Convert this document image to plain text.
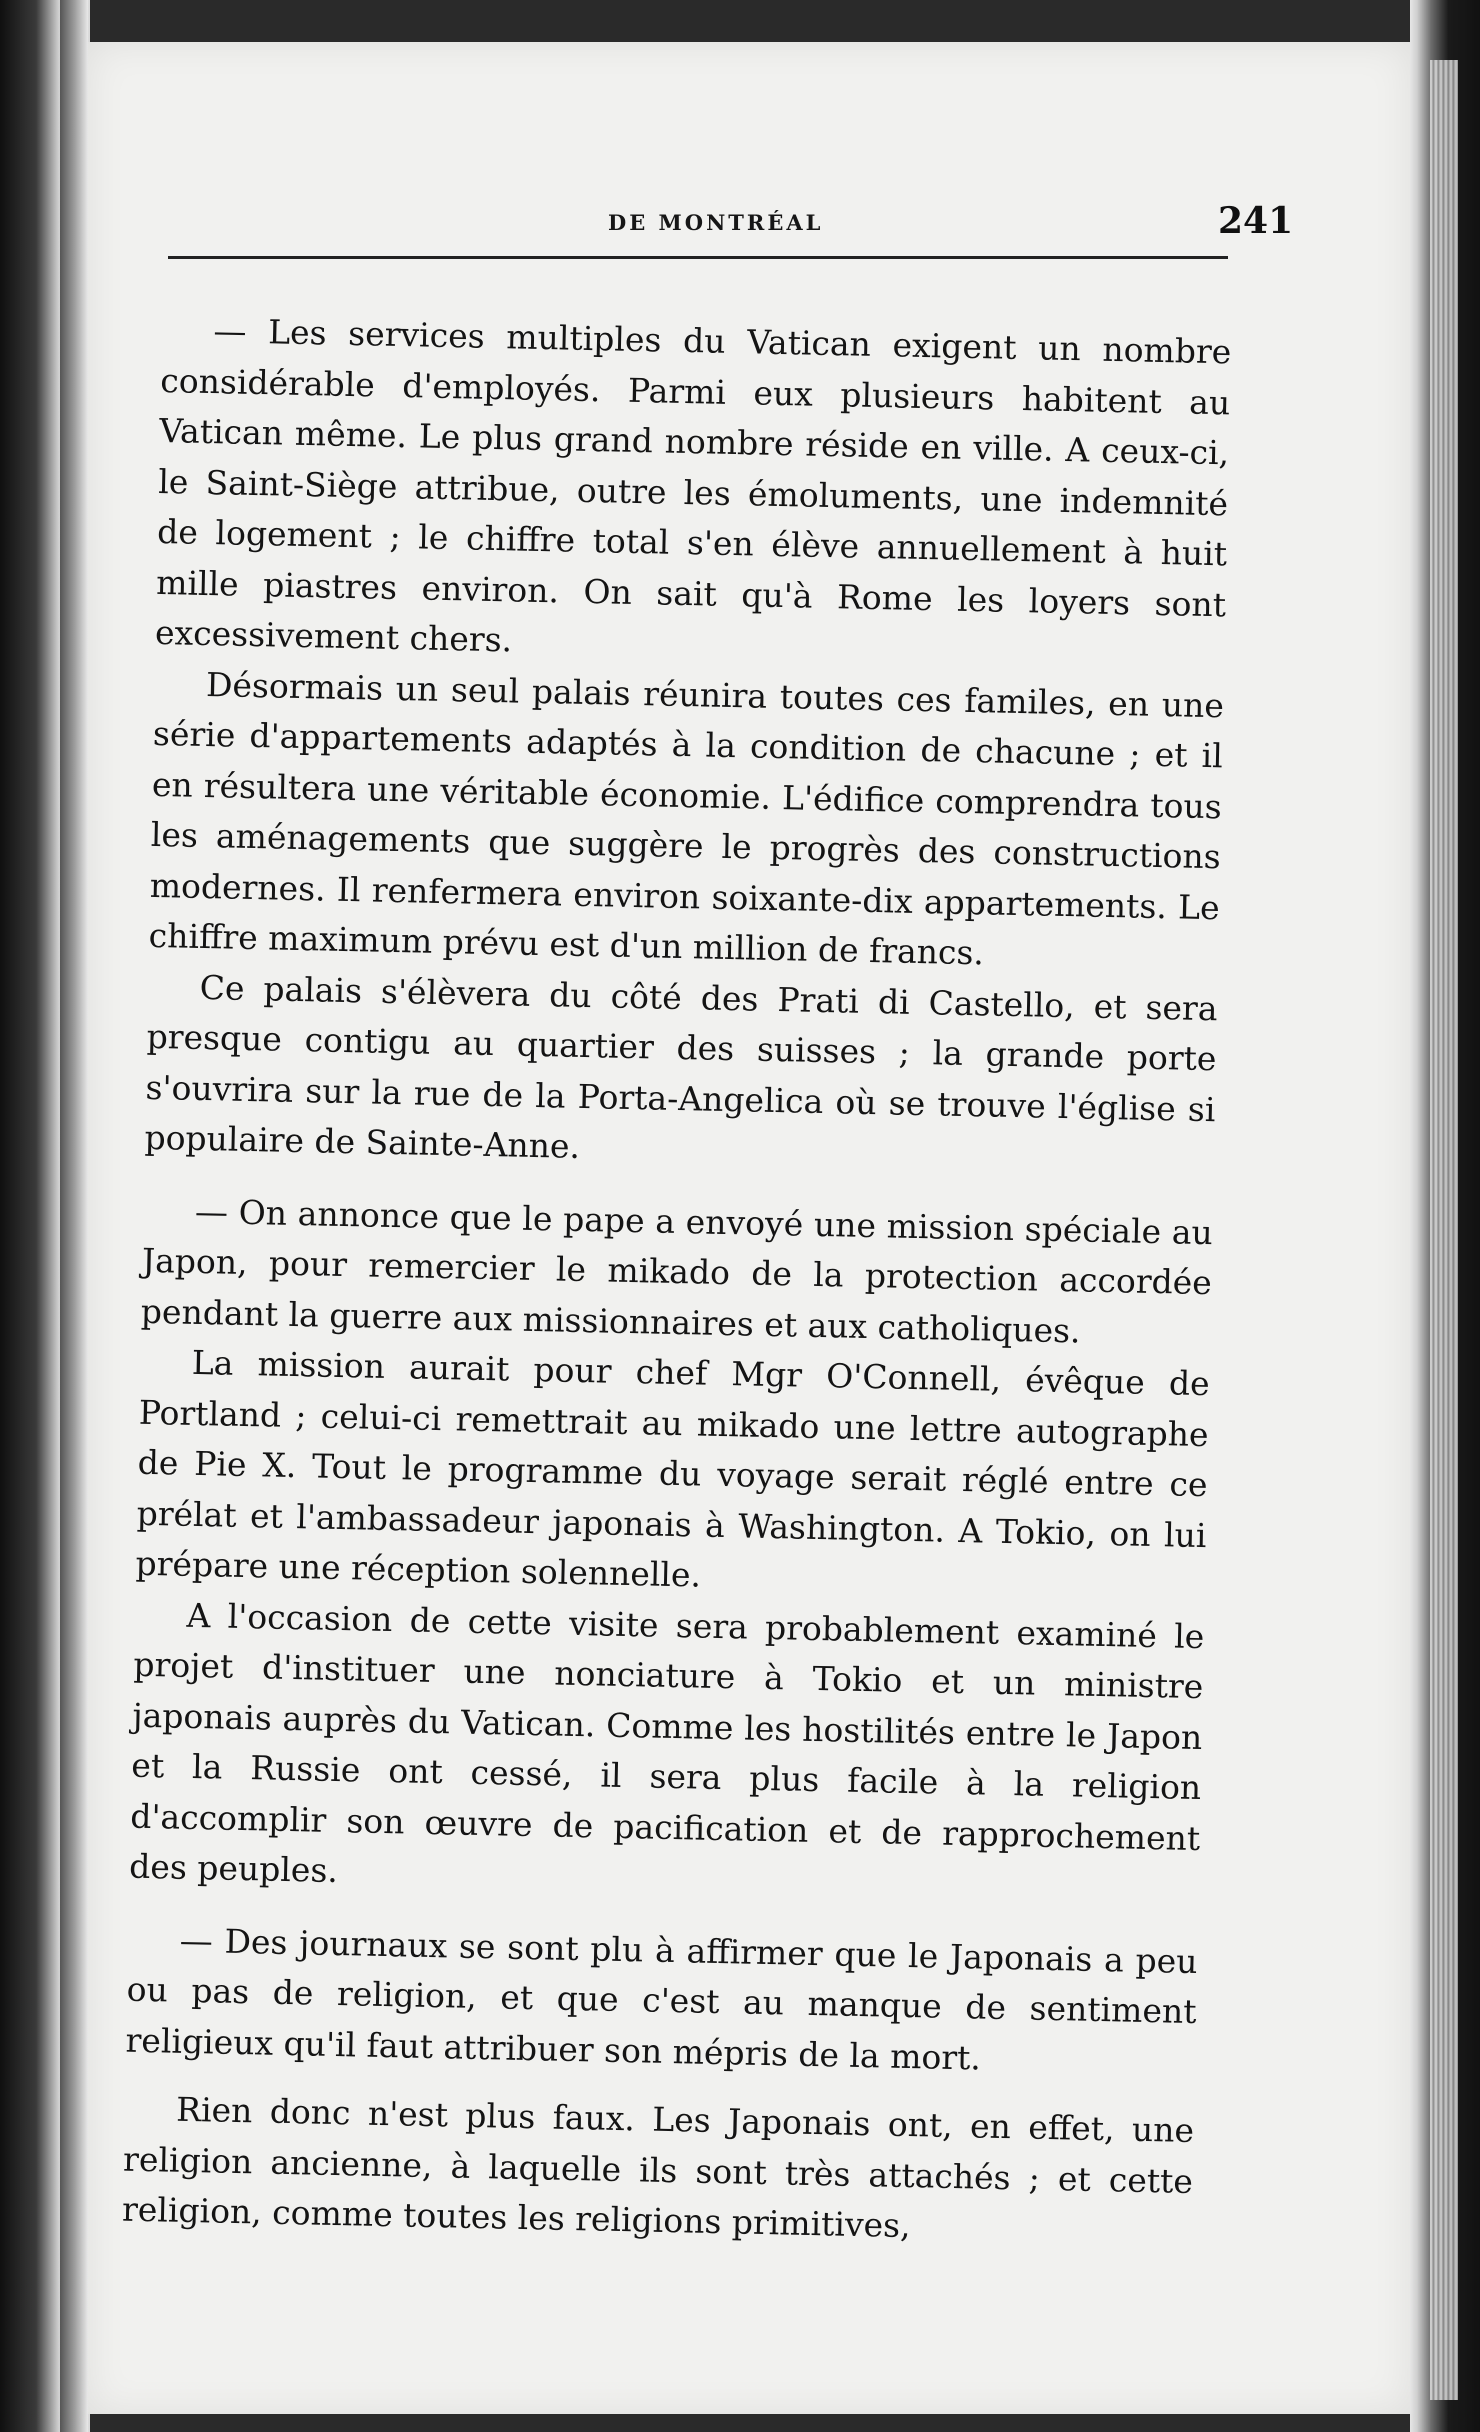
DE MONTRÉAL	241

— Les services multiples du Vatican exigent un nombre considérable d'employés. Parmi eux plusieurs habitent au Vatican même. Le plus grand nombre réside en ville. A ceux-ci, le Saint-Siège attribue, outre les émoluments, une indemnité de logement ; le chiffre total s'en élève annuellement à huit mille piastres environ. On sait qu'à Rome les loyers sont excessivement chers.

Désormais un seul palais réunira toutes ces familes, en une série d'appartements adaptés à la condition de chacune ; et il en résultera une véritable économie. L'édifice comprendra tous les aménagements que suggère le progrès des constructions modernes. Il renfermera environ soixante-dix appartements. Le chiffre maximum prévu est d'un million de francs.

Ce palais s'élèvera du côté des Prati di Castello, et sera presque contigu au quartier des suisses ; la grande porte s'ouvrira sur la rue de la Porta-Angelica où se trouve l'église si populaire de Sainte-Anne.

— On annonce que le pape a envoyé une mission spéciale au Japon, pour remercier le mikado de la protection accordée pendant la guerre aux missionnaires et aux catholiques.

La mission aurait pour chef Mgr O'Connell, évêque de Portland ; celui-ci remettrait au mikado une lettre autographe de Pie X. Tout le programme du voyage serait réglé entre ce prélat et l'ambassadeur japonais à Washington. A Tokio, on lui prépare une réception solennelle.

A l'occasion de cette visite sera probablement examiné le projet d'instituer une nonciature à Tokio et un ministre japonais auprès du Vatican. Comme les hostilités entre le Japon et la Russie ont cessé, il sera plus facile à la religion d'accomplir son œuvre de pacification et de rapprochement des peuples.

— Des journaux se sont plu à affirmer que le Japonais a peu ou pas de religion, et que c'est au manque de sentiment religieux qu'il faut attribuer son mépris de la mort.

Rien donc n'est plus faux. Les Japonais ont, en effet, une religion ancienne, à laquelle ils sont très attachés ; et cette religion, comme toutes les religions primitives,
